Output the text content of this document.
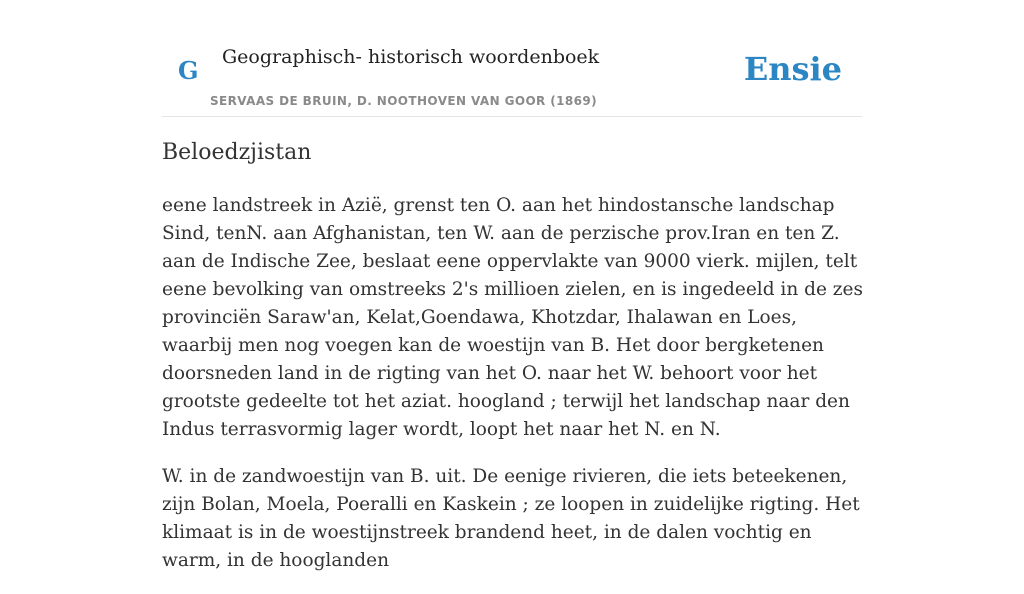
G Geographisch- historisch woordenboek
SERVAAS DE BRUIN, D. NOOTHOVEN VAN GOOR (1869)
Ensie
Beloedzjistan

eene landstreek in Azië, grenst ten O. aan het hindostansche landschap Sind, tenN. aan Afghanistan, ten W. aan de perzische prov.Iran en ten Z. aan de Indische Zee, beslaat eene oppervlakte van 9000 vierk. mijlen, telt eene bevolking van omstreeks 2's millioen zielen, en is ingedeeld in de zes provinciën Saraw'an, Kelat,Goendawa, Khotzdar, Ihalawan en Loes, waarbij men nog voegen kan de woestijn van B. Het door bergketenen doorsneden land in de rigting van het O. naar het W. behoort voor het grootste gedeelte tot het aziat. hoogland ; terwijl het landschap naar den Indus terrasvormig lager wordt, loopt het naar het N. en N.

W. in de zandwoestijn van B. uit. De eenige rivieren, die iets beteekenen, zijn Bolan, Moela, Poeralli en Kaskein ; ze loopen in zuidelijke rigting. Het klimaat is in de woestijnstreek brandend heet, in de dalen vochtig en warm, in de hooglanden
